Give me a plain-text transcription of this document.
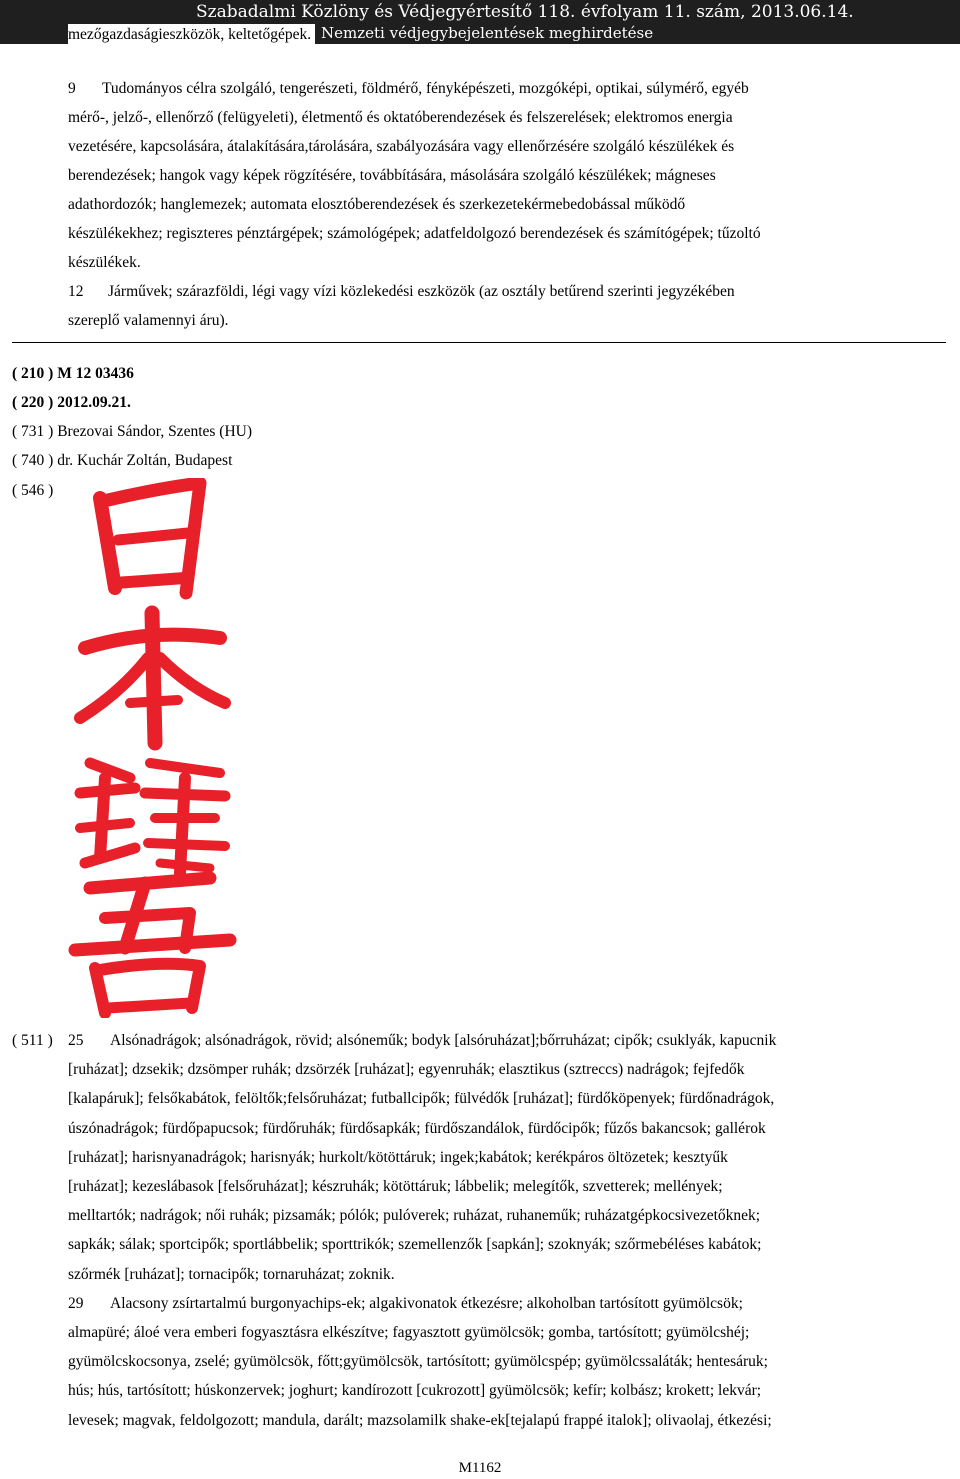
Szabadalmi Közlöny és Védjegyértesítő 118. évfolyam 11. szám, 2013.06.14.
Nemzeti védjegybejelentések meghirdetése
mezőgazdaságieszközök, keltetőgépek.
9 Tudományos célra szolgáló, tengerészeti, földmérő, fényképészeti, mozgóképi, optikai, súlymérő, egyéb
mérő-, jelző-, ellenőrző (felügyeleti), életmentő és oktatóberendezések és felszerelések; elektromos energia
vezetésére, kapcsolására, átalakítására,tárolására, szabályozására vagy ellenőrzésére szolgáló készülékek és
berendezések; hangok vagy képek rögzítésére, továbbítására, másolására szolgáló készülékek; mágneses
adathordozók; hanglemezek; automata elosztóberendezések és szerkezetekérmebedobással működő
készülékekhez; regiszteres pénztárgépek; számológépek; adatfeldolgozó berendezések és számítógépek; tűzoltó
készülékek.
12 Járművek; szárazföldi, légi vagy vízi közlekedési eszközök (az osztály betűrend szerinti jegyzékében
szereplő valamennyi áru).
( 210 ) M 12 03436
( 220 ) 2012.09.21.
( 731 ) Brezovai Sándor, Szentes (HU)
( 740 ) dr. Kuchár Zoltán, Budapest
( 546 )
( 511 ) 25 Alsónadrágok; alsónadrágok, rövid; alsóneműk; bodyk [alsóruházat];bőrruházat; cipők; csuklyák, kapucnik
[ruházat]; dzsekik; dzsömper ruhák; dzsörzék [ruházat]; egyenruhák; elasztikus (sztreccs) nadrágok; fejfedők
[kalapáruk]; felsőkabátok, felöltők;felsőruházat; futballcipők; fülvédők [ruházat]; fürdőköpenyek; fürdőnadrágok,
úszónadrágok; fürdőpapucsok; fürdőruhák; fürdősapkák; fürdőszandálok, fürdőcipők; fűzős bakancsok; gallérok
[ruházat]; harisnyanadrágok; harisnyák; hurkolt/kötöttáruk; ingek;kabátok; kerékpáros öltözetek; kesztyűk
[ruházat]; kezeslábasok [felsőruházat]; készruhák; kötöttáruk; lábbelik; melegítők, szvetterek; mellények;
melltartók; nadrágok; női ruhák; pizsamák; pólók; pulóverek; ruházat, ruhaneműk; ruházatgépkocsivezetőknek;
sapkák; sálak; sportcipők; sportlábbelik; sporttrikók; szemellenzők [sapkán]; szoknyák; szőrmebéléses kabátok;
szőrmék [ruházat]; tornacipők; tornaruházat; zoknik.
29 Alacsony zsírtartalmú burgonyachips-ek; algakivonatok étkezésre; alkoholban tartósított gyümölcsök;
almapüré; áloé vera emberi fogyasztásra elkészítve; fagyasztott gyümölcsök; gomba, tartósított; gyümölcshéj;
gyümölcskocsonya, zselé; gyümölcsök, főtt;gyümölcsök, tartósított; gyümölcspép; gyümölcssaláták; hentesáruk;
hús; hús, tartósított; húskonzervek; joghurt; kandírozott [cukrozott] gyümölcsök; kefír; kolbász; krokett; lekvár;
levesek; magvak, feldolgozott; mandula, darált; mazsolamilk shake-ek[tejalapú frappé italok]; olivaolaj, étkezési;
M1162
